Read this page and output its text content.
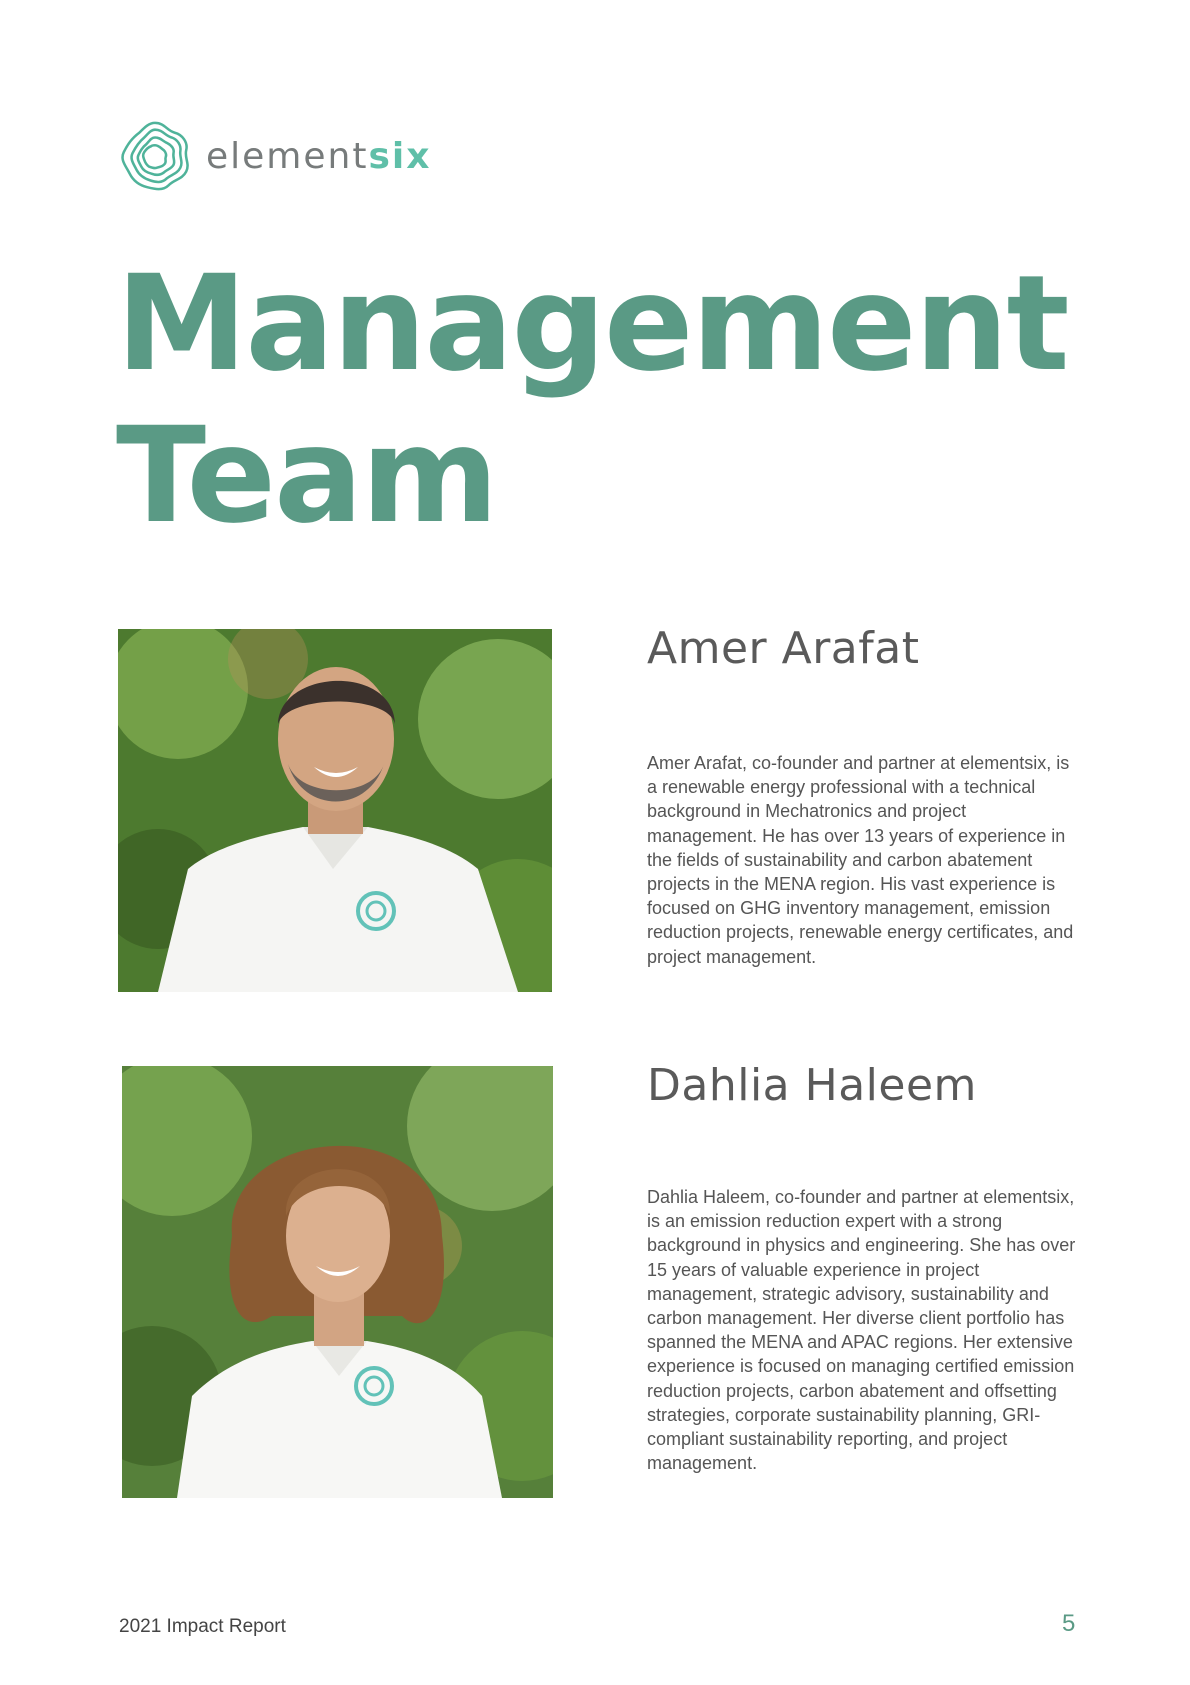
elementsix
Management
Team
Amer Arafat

Amer Arafat, co-founder and partner at elementsix, is a renewable energy professional with a technical background in Mechatronics and project management. He has over 13 years of experience in the fields of sustainability and carbon abatement projects in the MENA region. His vast experience is focused on GHG inventory management, emission reduction projects, renewable energy certificates, and project management.

Dahlia Haleem

Dahlia Haleem, co-founder and partner at elementsix, is an emission reduction expert with a strong background in physics and engineering. She has over 15 years of valuable experience in project management, strategic advisory, sustainability and carbon management. Her diverse client portfolio has spanned the MENA and APAC regions. Her extensive experience is focused on managing certified emission reduction projects, carbon abatement and offsetting strategies, corporate sustainability planning, GRI-compliant sustainability reporting, and project management.

2021 Impact Report	5
